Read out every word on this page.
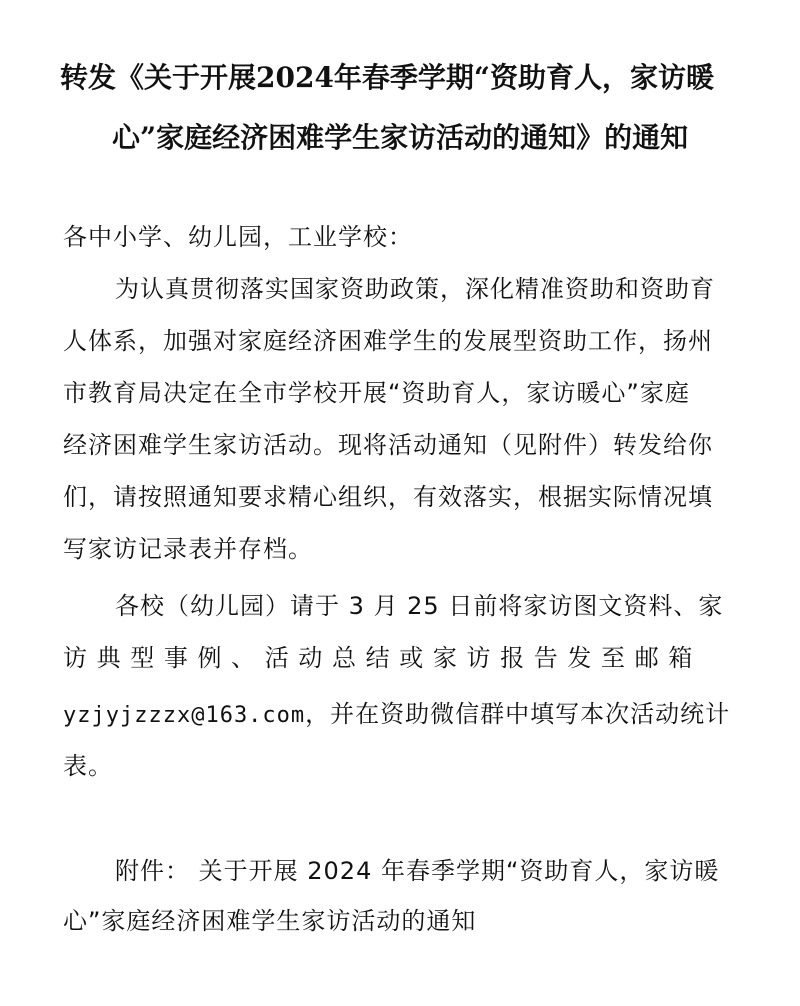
转发《关于开展2024年春季学期“资助育人，家访暖
心”家庭经济困难学生家访活动的通知》的通知
各中小学、幼儿园，工业学校：
为认真贯彻落实国家资助政策，深化精准资助和资助育
人体系，加强对家庭经济困难学生的发展型资助工作，扬州
市教育局决定在全市学校开展“资助育人，家访暖心”家庭
经济困难学生家访活动。现将活动通知（见附件）转发给你
们，请按照通知要求精心组织，有效落实，根据实际情况填
写家访记录表并存档。
各校（幼儿园）请于 3 月 25 日前将家访图文资料、家
访 典 型 事 例 、 活 动 总 结 或 家 访 报 告 发 至 邮 箱
yzjyjzzzx@163.com，并在资助微信群中填写本次活动统计
表。
附件： 关于开展 2024 年春季学期“资助育人，家访暖
心”家庭经济困难学生家访活动的通知
